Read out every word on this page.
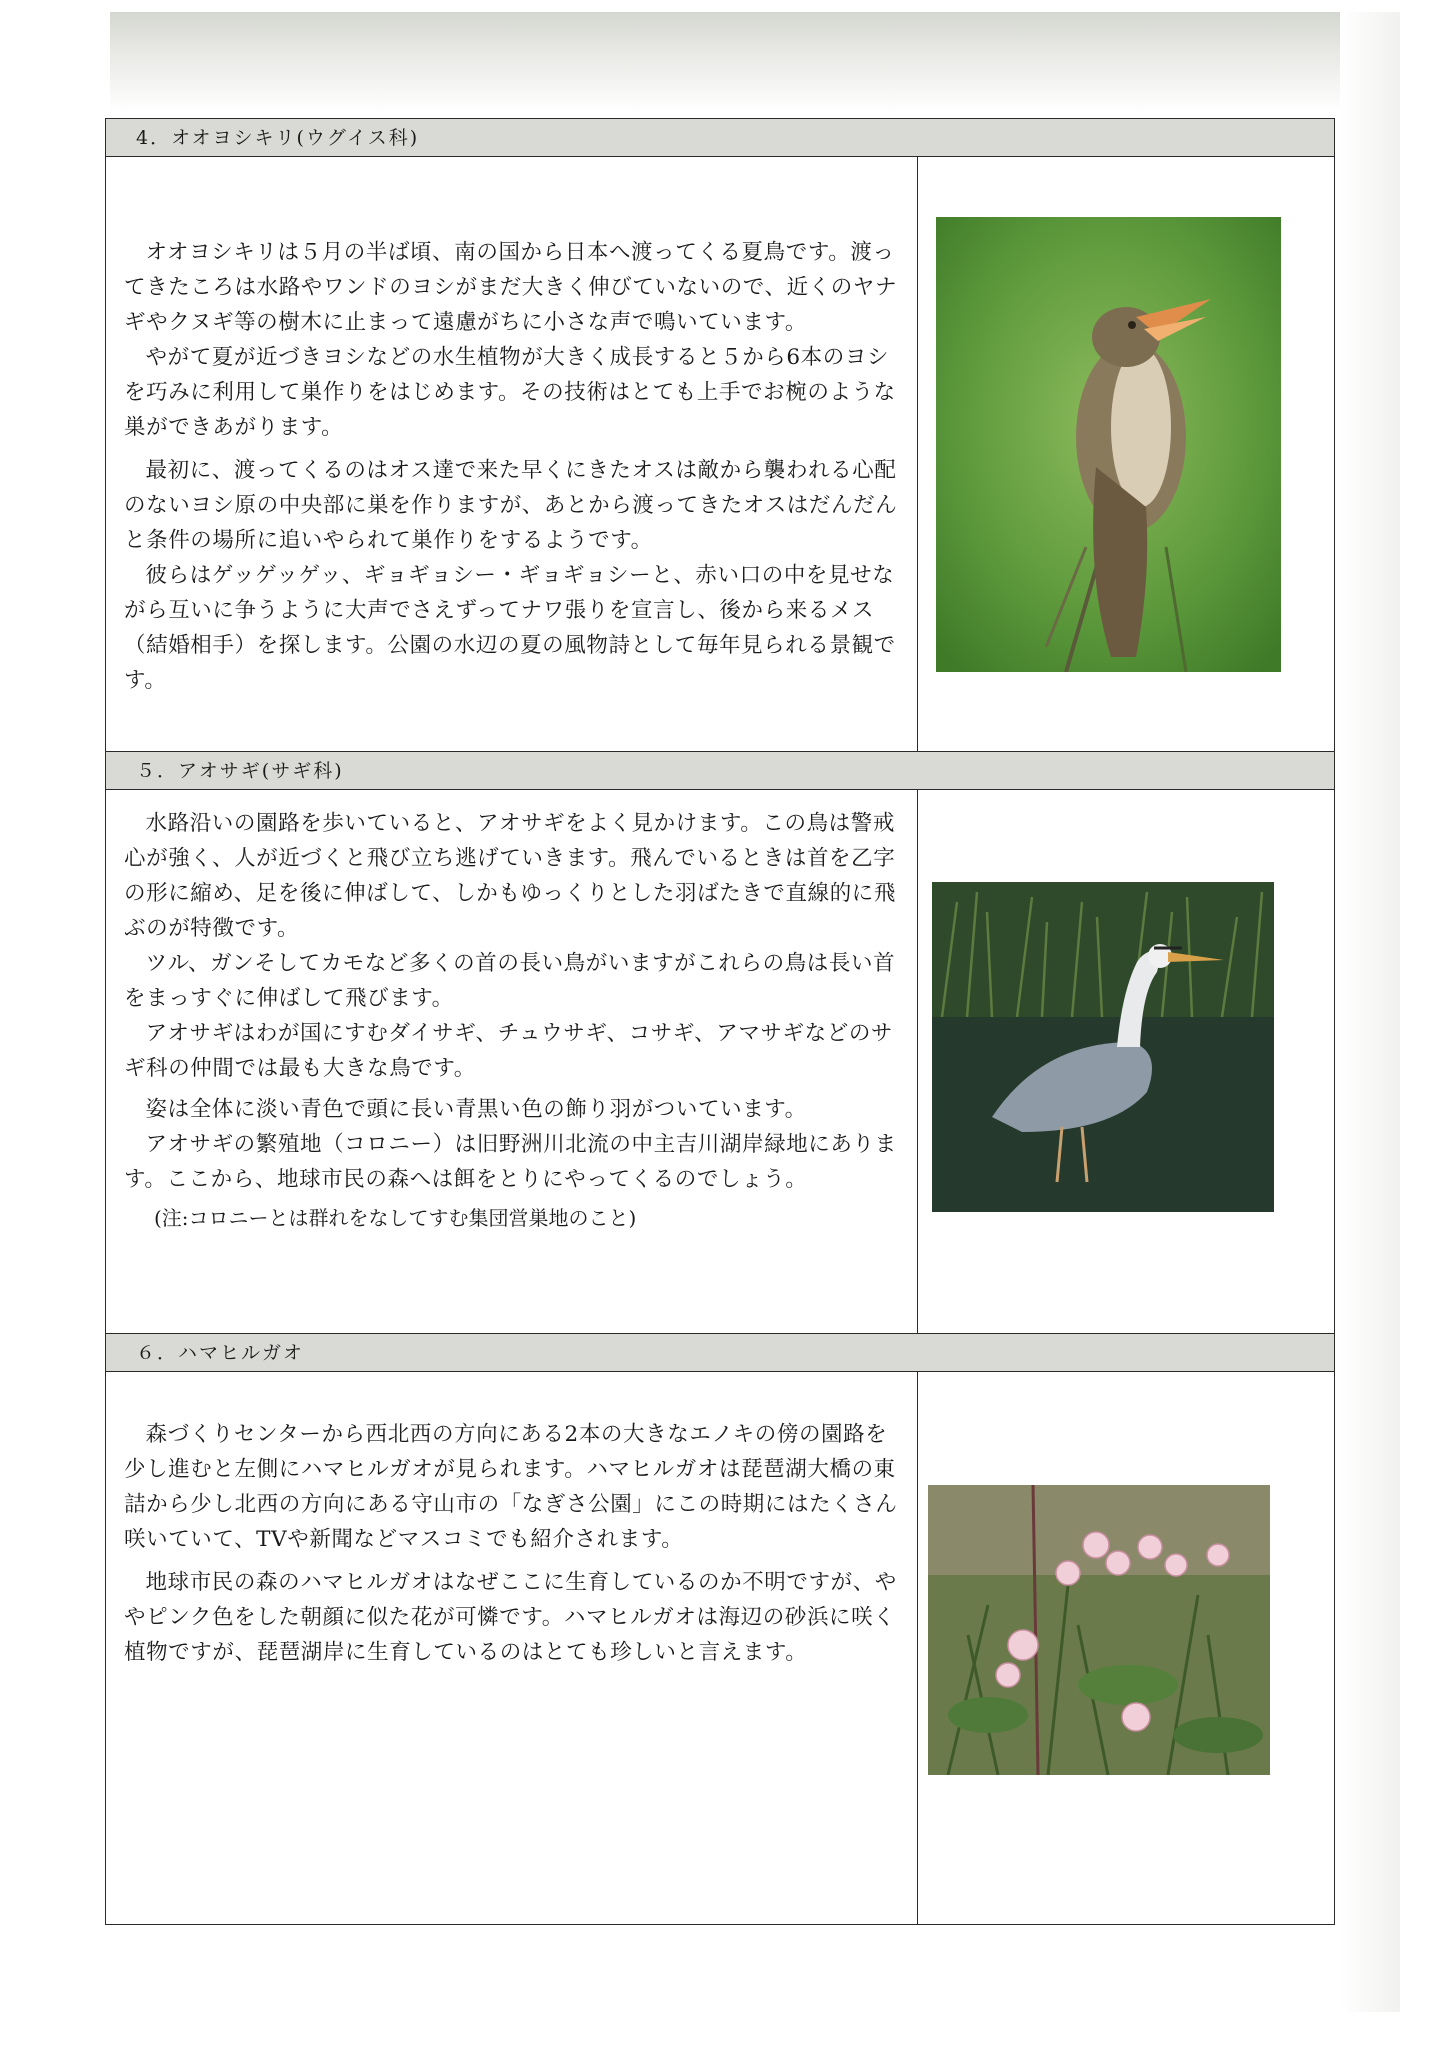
4．オオヨシキリ(ウグイス科)

オオヨシキリは５月の半ば頃、南の国から日本へ渡ってくる夏鳥です。渡ってきたころは水路やワンドのヨシがまだ大きく伸びていないので、近くのヤナギやクヌギ等の樹木に止まって遠慮がちに小さな声で鳴いています。

やがて夏が近づきヨシなどの水生植物が大きく成長すると５から6本のヨシを巧みに利用して巣作りをはじめます。その技術はとても上手でお椀のような巣ができあがります。

最初に、渡ってくるのはオス達で来た早くにきたオスは敵から襲われる心配のないヨシ原の中央部に巣を作りますが、あとから渡ってきたオスはだんだんと条件の場所に追いやられて巣作りをするようです。

彼らはゲッゲッゲッ、ギョギョシー・ギョギョシーと、赤い口の中を見せながら互いに争うように大声でさえずってナワ張りを宣言し、後から来るメス（結婚相手）を探します。公園の水辺の夏の風物詩として毎年見られる景観です。

５．アオサギ(サギ科)

水路沿いの園路を歩いていると、アオサギをよく見かけます。この鳥は警戒心が強く、人が近づくと飛び立ち逃げていきます。飛んでいるときは首を乙字の形に縮め、足を後に伸ばして、しかもゆっくりとした羽ばたきで直線的に飛ぶのが特徴です。

ツル、ガンそしてカモなど多くの首の長い鳥がいますがこれらの鳥は長い首をまっすぐに伸ばして飛びます。

アオサギはわが国にすむダイサギ、チュウサギ、コサギ、アマサギなどのサギ科の仲間では最も大きな鳥です。

姿は全体に淡い青色で頭に長い青黒い色の飾り羽がついています。

アオサギの繁殖地（コロニー）は旧野洲川北流の中主吉川湖岸緑地にあります。ここから、地球市民の森へは餌をとりにやってくるのでしょう。

(注:コロニーとは群れをなしてすむ集団営巣地のこと)

６．ハマヒルガオ

森づくりセンターから西北西の方向にある2本の大きなエノキの傍の園路を少し進むと左側にハマヒルガオが見られます。ハマヒルガオは琵琶湖大橋の東詰から少し北西の方向にある守山市の「なぎさ公園」にこの時期にはたくさん咲いていて、TVや新聞などマスコミでも紹介されます。

地球市民の森のハマヒルガオはなぜここに生育しているのか不明ですが、ややピンク色をした朝顔に似た花が可憐です。ハマヒルガオは海辺の砂浜に咲く植物ですが、琵琶湖岸に生育しているのはとても珍しいと言えます。
